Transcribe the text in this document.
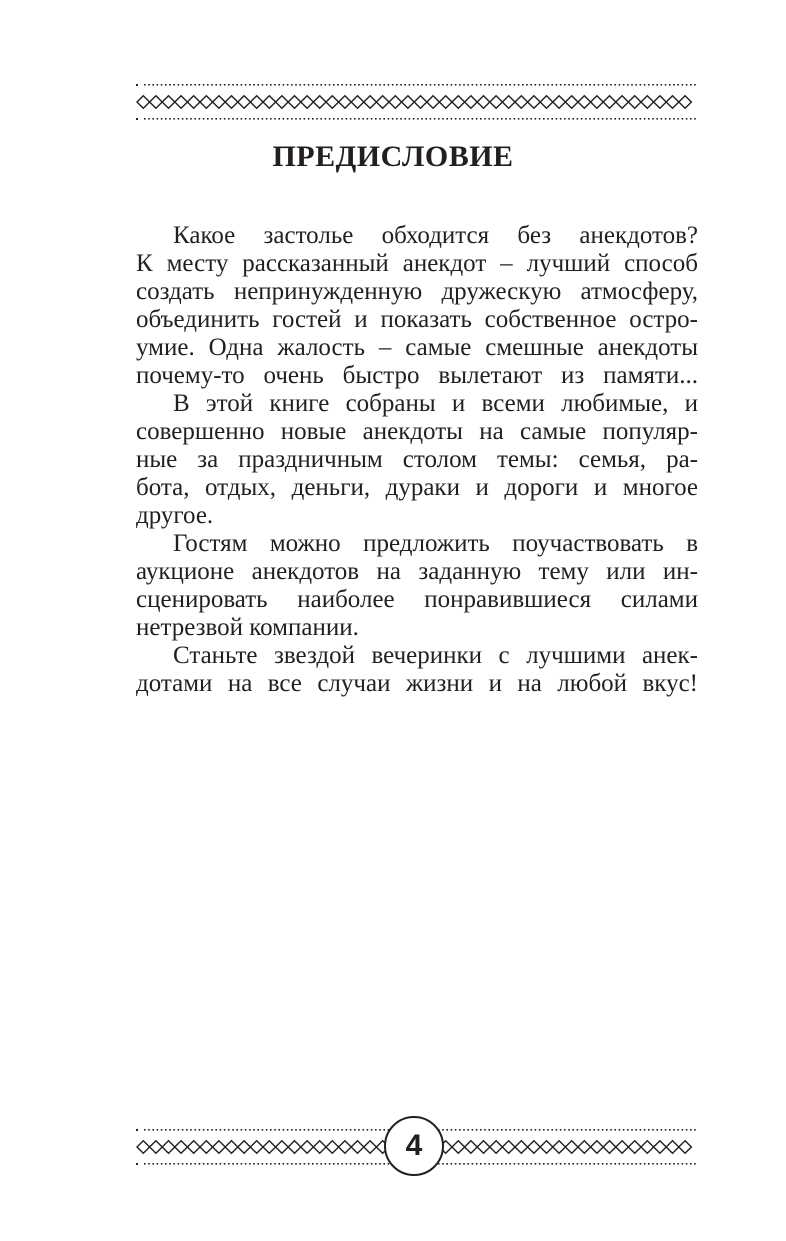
ПРЕДИСЛОВИЕ
Какое застолье обходится без анекдотов?
К месту рассказанный анекдот – лучший способ
создать непринужденную дружескую атмосферу,
объединить гостей и показать собственное остро-
умие. Одна жалость – самые смешные анекдоты
почему-то очень быстро вылетают из памяти...
В этой книге собраны и всеми любимые, и
совершенно новые анекдоты на самые популяр-
ные за праздничным столом темы: семья, ра-
бота, отдых, деньги, дураки и дороги и многое
другое.
Гостям можно предложить поучаствовать в
аукционе анекдотов на заданную тему или ин-
сценировать наиболее понравившиеся силами
нетрезвой компании.
Станьте звездой вечеринки с лучшими анек-
дотами на все случаи жизни и на любой вкус!
4
